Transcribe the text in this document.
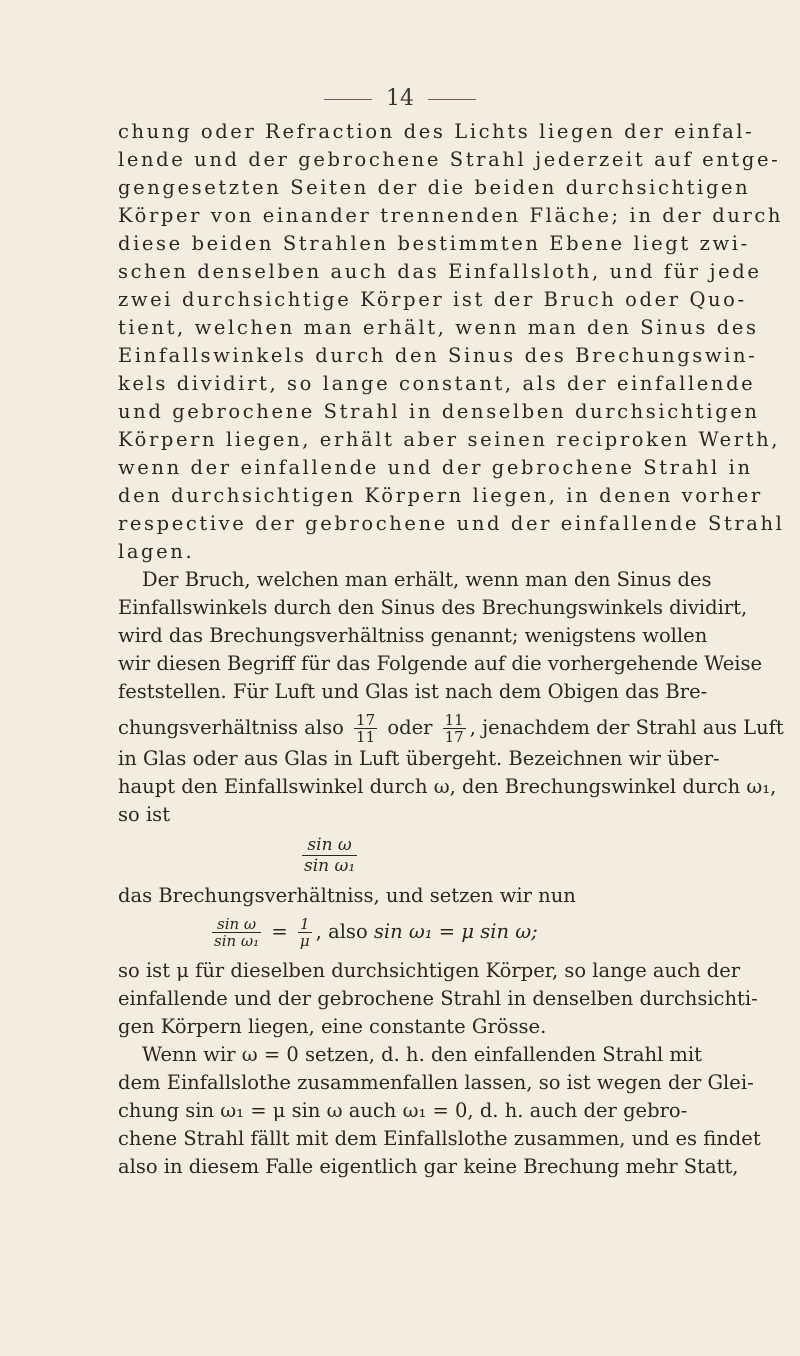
14
chung oder Refraction des Lichts liegen der einfal-
lende und der gebrochene Strahl jederzeit auf entge-
gengesetzten Seiten der die beiden durchsichtigen
Körper von einander trennenden Fläche; in der durch
diese beiden Strahlen bestimmten Ebene liegt zwi-
schen denselben auch das Einfallsloth, und für jede
zwei durchsichtige Körper ist der Bruch oder Quo-
tient, welchen man erhält, wenn man den Sinus des
Einfallswinkels durch den Sinus des Brechungswin-
kels dividirt, so lange constant, als der einfallende
und gebrochene Strahl in denselben durchsichtigen
Körpern liegen, erhält aber seinen reciproken Werth,
wenn der einfallende und der gebrochene Strahl in
den durchsichtigen Körpern liegen, in denen vorher
respective der gebrochene und der einfallende Strahl
lagen.
Der Bruch, welchen man erhält, wenn man den Sinus des
Einfallswinkels durch den Sinus des Brechungswinkels dividirt,
wird das Brechungsverhältniss genannt; wenigstens wollen
wir diesen Begriff für das Folgende auf die vorhergehende Weise
feststellen. Für Luft und Glas ist nach dem Obigen das Bre-
chungsverhältniss also $\frac{17}{11}$ oder $\frac{11}{17}$ , jenachdem der Strahl aus Luft
in Glas oder aus Glas in Luft übergeht. Bezeichnen wir über-
haupt den Einfallswinkel durch ω, den Brechungswinkel durch ω₁,
so ist
$\frac{\text{sin ω}}{\text{sin ω₁}}$
das Brechungsverhältniss, und setzen wir nun
$\frac{\text{sin ω}}{\text{sin ω₁}} = \frac{1}{\mu}$ , also sin ω₁ = μ sin ω;
so ist μ für dieselben durchsichtigen Körper, so lange auch der
einfallende und der gebrochene Strahl in denselben durchsichti-
gen Körpern liegen, eine constante Grösse.
Wenn wir ω = 0 setzen, d. h. den einfallenden Strahl mit
dem Einfallslothe zusammenfallen lassen, so ist wegen der Glei-
chung sin ω₁ = μ sin ω auch ω₁ = 0, d. h. auch der gebro-
chene Strahl fällt mit dem Einfallslothe zusammen, und es findet
also in diesem Falle eigentlich gar keine Brechung mehr Statt,
